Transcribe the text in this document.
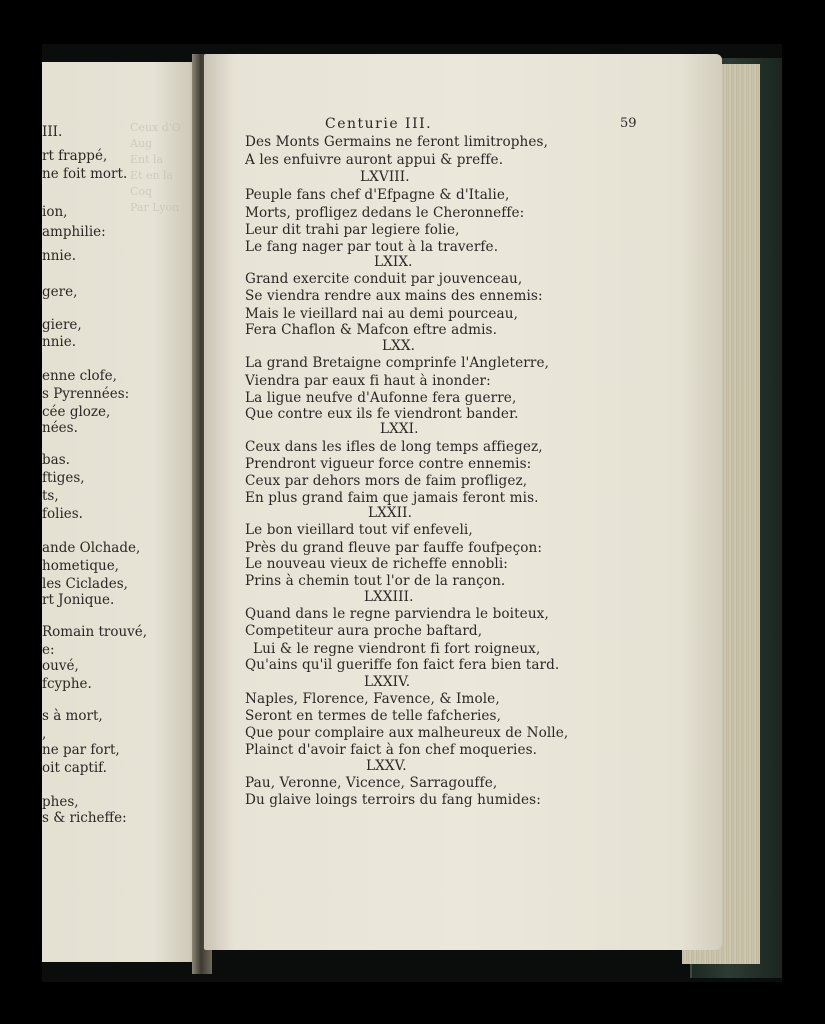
Ceux d'O
Aug
Ent la
Et en la
Coq
Par Lyon
III.
rt frappé,
ne foit mort.
ion,
amphilie:
nnie.
gere,
giere,
nnie.
enne clofe,
s Pyrennées:
cée gloze,
nées.
bas.
ftiges,
ts,
folies.
ande Olchade,
hometique,
les Ciclades,
rt Jonique.
Romain trouvé,
e:
ouvé,
fcyphe.
s à mort,
,
ne par fort,
oit captif.
phes,
s & richeffe:
Centurie III.	59
Des Monts Germains ne feront limitrophes,
A les enfuivre auront appui & preffe.
LXVIII.
Peuple fans chef d'Efpagne & d'Italie,
Morts, profligez dedans le Cheronneffe:
Leur dit trahi par legiere folie,
Le fang nager par tout à la traverfe.
LXIX.
Grand exercite conduit par jouvenceau,
Se viendra rendre aux mains des ennemis:
Mais le vieillard nai au demi pourceau,
Fera Chaflon & Mafcon eftre admis.
LXX.
La grand Bretaigne comprinfe l'Angleterre,
Viendra par eaux fi haut à inonder:
La ligue neufve d'Aufonne fera guerre,
Que contre eux ils fe viendront bander.
LXXI.
Ceux dans les ifles de long temps affiegez,
Prendront vigueur force contre ennemis:
Ceux par dehors mors de faim profligez,
En plus grand faim que jamais feront mis.
LXXII.
Le bon vieillard tout vif enfeveli,
Près du grand fleuve par fauffe foufpeçon:
Le nouveau vieux de richeffe ennobli:
Prins à chemin tout l'or de la rançon.
LXXIII.
Quand dans le regne parviendra le boiteux,
Competiteur aura proche baftard,
Lui & le regne viendront fi fort roigneux,
Qu'ains qu'il gueriffe fon faict fera bien tard.
LXXIV.
Naples, Florence, Favence, & Imole,
Seront en termes de telle fafcheries,
Que pour complaire aux malheureux de Nolle,
Plainct d'avoir faict à fon chef moqueries.
LXXV.
Pau, Veronne, Vicence, Sarragouffe,
Du glaive loings terroirs du fang humides:
